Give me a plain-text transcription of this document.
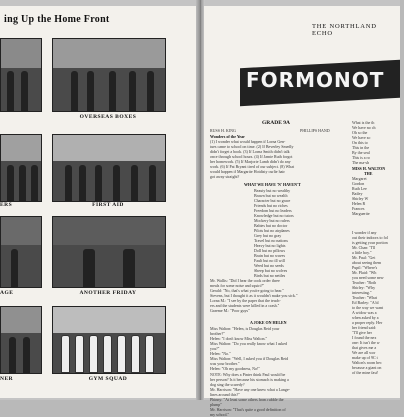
ing Up the Home Front
OVERSEAS BOXES
ERS	FIRST AID
AGE	ANOTHER FRIDAY
NER	GYM SQUAD
THE NORTHLAND ECHO
FORMONOT
GRADE 9A
RUSS H. KING	PHILLIPS HAND
Wonders of the Year
(1) I wonder what would happen if Lorna Gen-
tues came to school on time. (2) If Beverley Smedly
didn't forget a book. (3) If Lorna Smith didn't talk
once through school hours. (4) If Jamie Ruth forgot
her homework. (5) If Marjorie Lamb didn't do any
work. (6) If Pat Bryant tired of our subject. (8) What
would happen if Margarite Hotdisty curlie hair
got away straight?
WHAT WE HAVE 'N' HAVEN'T
Beauty but no wealthy
Brawn but no wealth
Character but no grace
Friends but no riches
Freedom but no leaders
Knowledge but no tutors
Mockery but no rulers
Babies but no doctor
Pilots but no airplanes
Grey but no gray
Travel but no nations
Heavy but no lights
Doll but no pillows
Brain but no waves
Fault but no ill will
Weed but no seeds
Sheep but no wolves
Birds but no nettles
Mr. Wallis: "Did I hear the cook order three
meals for some noise and squirt?"
Gerald: "No, that's what you're going to hear."
Stevens, but I thought it as it wouldn't make you sick."
Lorna M.: "I see by the paper that the teach-
ers and the students were killed in a crash."
Graeme M.: "Poor guys"
A JOKE ON HELEN
Miss Walton: "Helen, is Douglas Reid your
brother?"
Helen: "I don't know Miss Walton."
Miss Walton: "Do you really know what I asked
you?"
Helen: "No."
Miss Walton: "Well, I asked you if Douglas Reid
was your brother."
Helen: "Oh my goodness, No!"
NOTE: Why does a Pinter think Paul would be
her person? Is it because his stomach is making a
dog sing the scaredy?
Mr. Harrison: "Have any one knew what a Lange-
lines around this?"
Phinny: "At least some others from rubble the
plump"
Mr. Harrison: "That's quite a good definition of
my school."
What is the th
We have no ch
Oh so the
We have so
On this to
This in the
By the seal
This is a ro
The ma-sh
MISS H. WALTON
THE
Margaret
Gordon
Ruth Lee
Bailey
Shirley W
Helen R
Frances
Marguerite
I wonder if any
out their indoors to fol
is getting your portion
Mr. Chan: "I'll
a little boy."
Mr. Paul: "Get
about seeing them
Pupil: "Where's
Mr. Plaid: "Wh
you need some new
Teacher: "Both
Shirley: "Why
interesting."
Teacher: "What
Ed Barley: "A bl
to the way we want
A widow was a
when asked by a
a proper reply. Her
her friend said:
"I'll give her
I found the nex
one: It isn't the w
that gives me a
We are all wor
make up of 9C t
Walton's room bec
because a giant on
of the mine fast!
